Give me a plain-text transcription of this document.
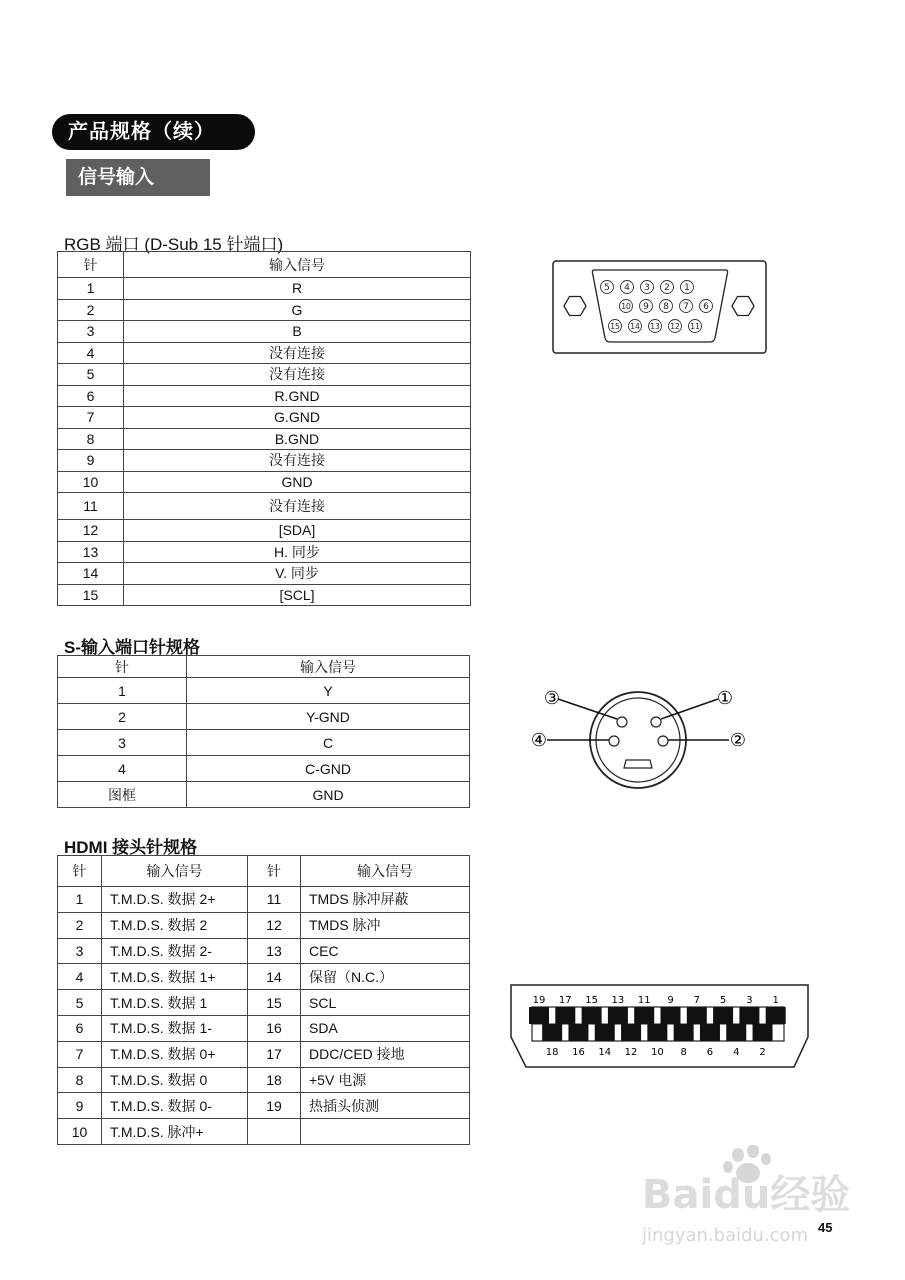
产品规格（续）
信号输入
RGB 端口 (D-Sub 15 针端口)
针	输入信号
1	R
2	G
3	B
4	没有连接
5	没有连接
6	R.GND
7	G.GND
8	B.GND
9	没有连接
10	GND
11	没有连接
12	[SDA]
13	H. 同步
14	V. 同步
15	[SCL]
5 4 3 2 1
10 9 8 7 6
15 14 13 12 11
S-输入端口针规格
针	输入信号
1	Y
2	Y-GND
3	C
4	C-GND
图框	GND
③	①
④	②
HDMI 接头针规格
针	输入信号	针	输入信号
1	T.M.D.S. 数据 2+	11	TMDS 脉冲屏蔽
2	T.M.D.S. 数据 2	12	TMDS 脉冲
3	T.M.D.S. 数据 2-	13	CEC
4	T.M.D.S. 数据 1+	14	保留（N.C.）
5	T.M.D.S. 数据 1	15	SCL
6	T.M.D.S. 数据 1-	16	SDA
7	T.M.D.S. 数据 0+	17	DDC/CED 接地
8	T.M.D.S. 数据 0	18	+5V 电源
9	T.M.D.S. 数据 0-	19	热插头侦测
10	T.M.D.S. 脉冲+		
19 17 15 13 11 9 7 5 3 1
18 16 14 12 10 8 6 4 2
Baidu经验
jingyan.baidu.com 45
